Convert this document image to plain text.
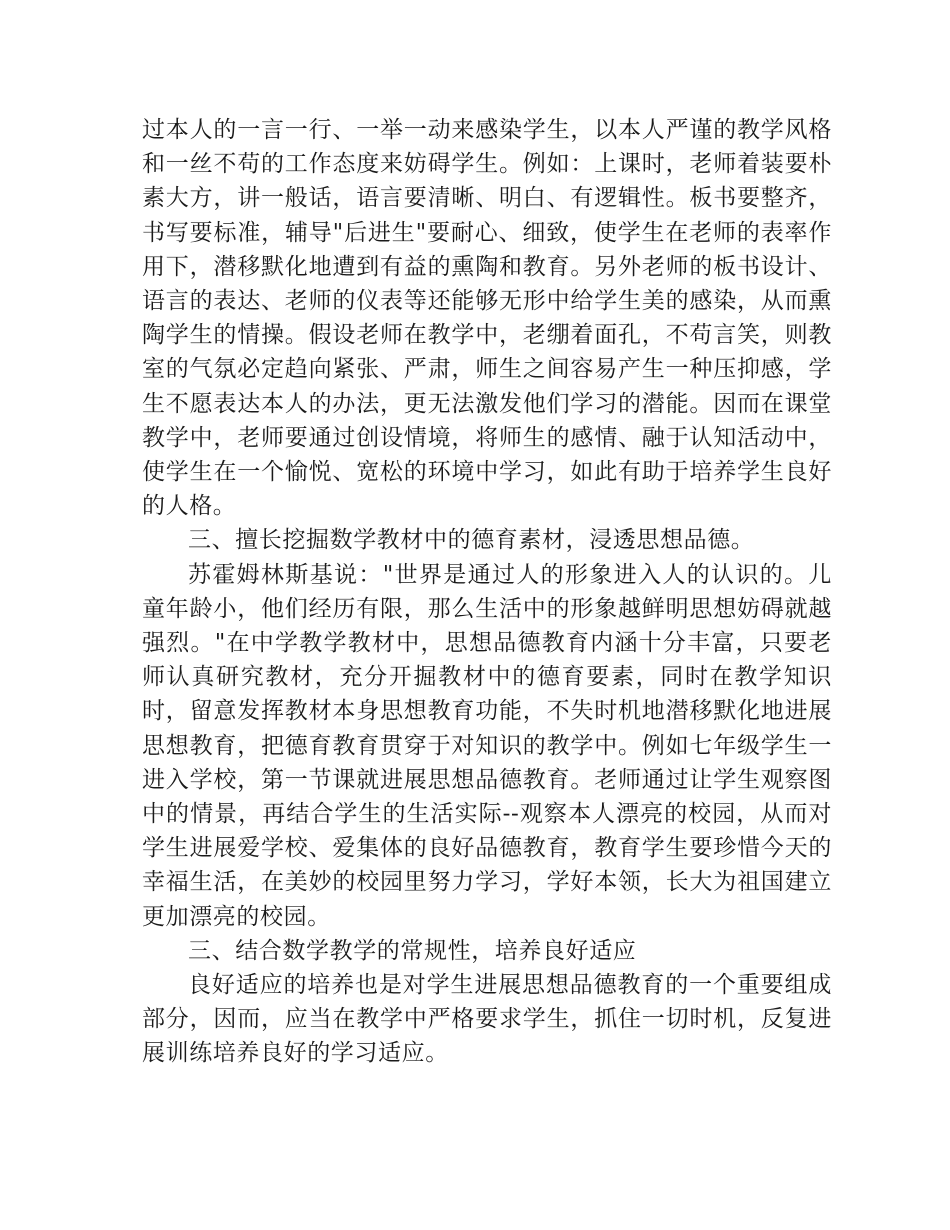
过本人的一言一行、一举一动来感染学生，以本人严谨的教学风格和一丝不苟的工作态度来妨碍学生。例如：上课时，老师着装要朴素大方，讲一般话，语言要清晰、明白、有逻辑性。板书要整齐，书写要标准，辅导"后进生"要耐心、细致，使学生在老师的表率作用下，潜移默化地遭到有益的熏陶和教育。另外老师的板书设计、语言的表达、老师的仪表等还能够无形中给学生美的感染，从而熏陶学生的情操。假设老师在教学中，老绷着面孔，不苟言笑，则教室的气氛必定趋向紧张、严肃，师生之间容易产生一种压抑感，学生不愿表达本人的办法，更无法激发他们学习的潜能。因而在课堂教学中，老师要通过创设情境，将师生的感情、融于认知活动中，使学生在一个愉悦、宽松的环境中学习，如此有助于培养学生良好的人格。

三、擅长挖掘数学教材中的德育素材，浸透思想品德。

苏霍姆林斯基说："世界是通过人的形象进入人的认识的。儿童年龄小，他们经历有限，那么生活中的形象越鲜明思想妨碍就越强烈。"在中学教学教材中，思想品德教育内涵十分丰富，只要老师认真研究教材，充分开掘教材中的德育要素，同时在教学知识时，留意发挥教材本身思想教育功能，不失时机地潜移默化地进展思想教育，把德育教育贯穿于对知识的教学中。例如七年级学生一进入学校，第一节课就进展思想品德教育。老师通过让学生观察图中的情景，再结合学生的生活实际--观察本人漂亮的校园，从而对学生进展爱学校、爱集体的良好品德教育，教育学生要珍惜今天的幸福生活，在美妙的校园里努力学习，学好本领，长大为祖国建立更加漂亮的校园。

三、结合数学教学的常规性，培养良好适应

良好适应的培养也是对学生进展思想品德教育的一个重要组成部分，因而，应当在教学中严格要求学生，抓住一切时机，反复进展训练培养良好的学习适应。
